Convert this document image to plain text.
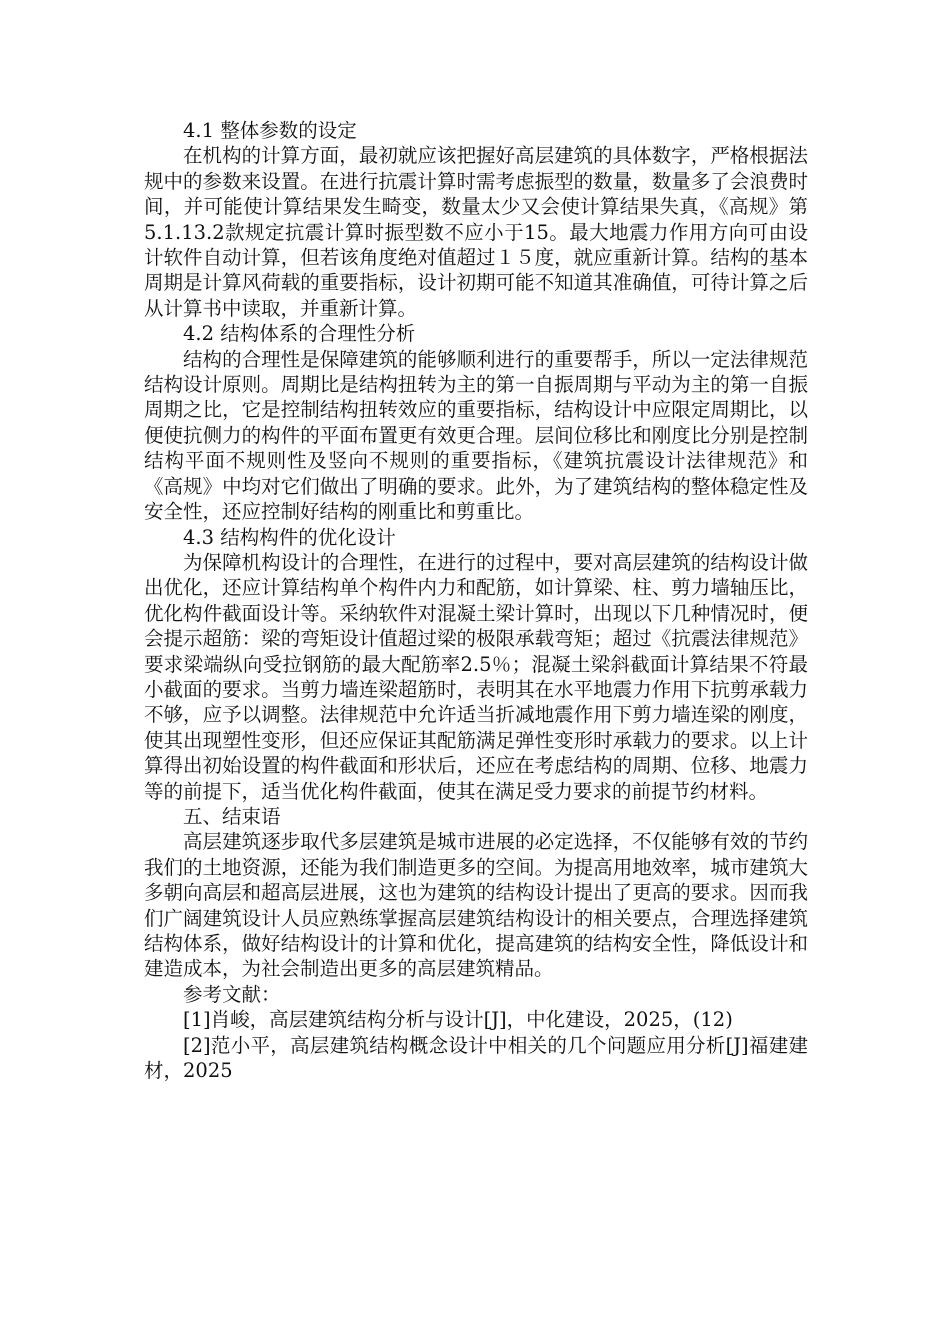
4.1 整体参数的设定

在机构的计算方面，最初就应该把握好高层建筑的具体数字，严格根据法规中的参数来设置。在进行抗震计算时需考虑振型的数量，数量多了会浪费时间，并可能使计算结果发生畸变，数量太少又会使计算结果失真，《高规》第5.1.13.2款规定抗震计算时振型数不应小于15。最大地震力作用方向可由设计软件自动计算，但若该角度绝对值超过１５度，就应重新计算。结构的基本周期是计算风荷载的重要指标，设计初期可能不知道其准确值，可待计算之后从计算书中读取，并重新计算。

4.2 结构体系的合理性分析

结构的合理性是保障建筑的能够顺利进行的重要帮手，所以一定法律规范结构设计原则。周期比是结构扭转为主的第一自振周期与平动为主的第一自振周期之比，它是控制结构扭转效应的重要指标，结构设计中应限定周期比，以便使抗侧力的构件的平面布置更有效更合理。层间位移比和刚度比分别是控制结构平面不规则性及竖向不规则的重要指标，《建筑抗震设计法律规范》和《高规》中均对它们做出了明确的要求。此外，为了建筑结构的整体稳定性及安全性，还应控制好结构的刚重比和剪重比。

4.3 结构构件的优化设计

为保障机构设计的合理性，在进行的过程中，要对高层建筑的结构设计做出优化，还应计算结构单个构件内力和配筋，如计算梁、柱、剪力墙轴压比，优化构件截面设计等。采纳软件对混凝土梁计算时，出现以下几种情况时，便会提示超筋：梁的弯矩设计值超过梁的极限承载弯矩；超过《抗震法律规范》要求梁端纵向受拉钢筋的最大配筋率2.5％；混凝土梁斜截面计算结果不符最小截面的要求。当剪力墙连梁超筋时，表明其在水平地震力作用下抗剪承载力不够，应予以调整。法律规范中允许适当折减地震作用下剪力墙连梁的刚度，使其出现塑性变形，但还应保证其配筋满足弹性变形时承载力的要求。以上计算得出初始设置的构件截面和形状后，还应在考虑结构的周期、位移、地震力等的前提下，适当优化构件截面，使其在满足受力要求的前提节约材料。

五、结束语

高层建筑逐步取代多层建筑是城市进展的必定选择，不仅能够有效的节约我们的土地资源，还能为我们制造更多的空间。为提高用地效率，城市建筑大多朝向高层和超高层进展，这也为建筑的结构设计提出了更高的要求。因而我们广阔建筑设计人员应熟练掌握高层建筑结构设计的相关要点，合理选择建筑结构体系，做好结构设计的计算和优化，提高建筑的结构安全性，降低设计和建造成本，为社会制造出更多的高层建筑精品。

参考文献：

[1]肖峻，高层建筑结构分析与设计[J]，中化建设，2025，(12)

[2]范小平，高层建筑结构概念设计中相关的几个问题应用分析[J]福建建材，2025
